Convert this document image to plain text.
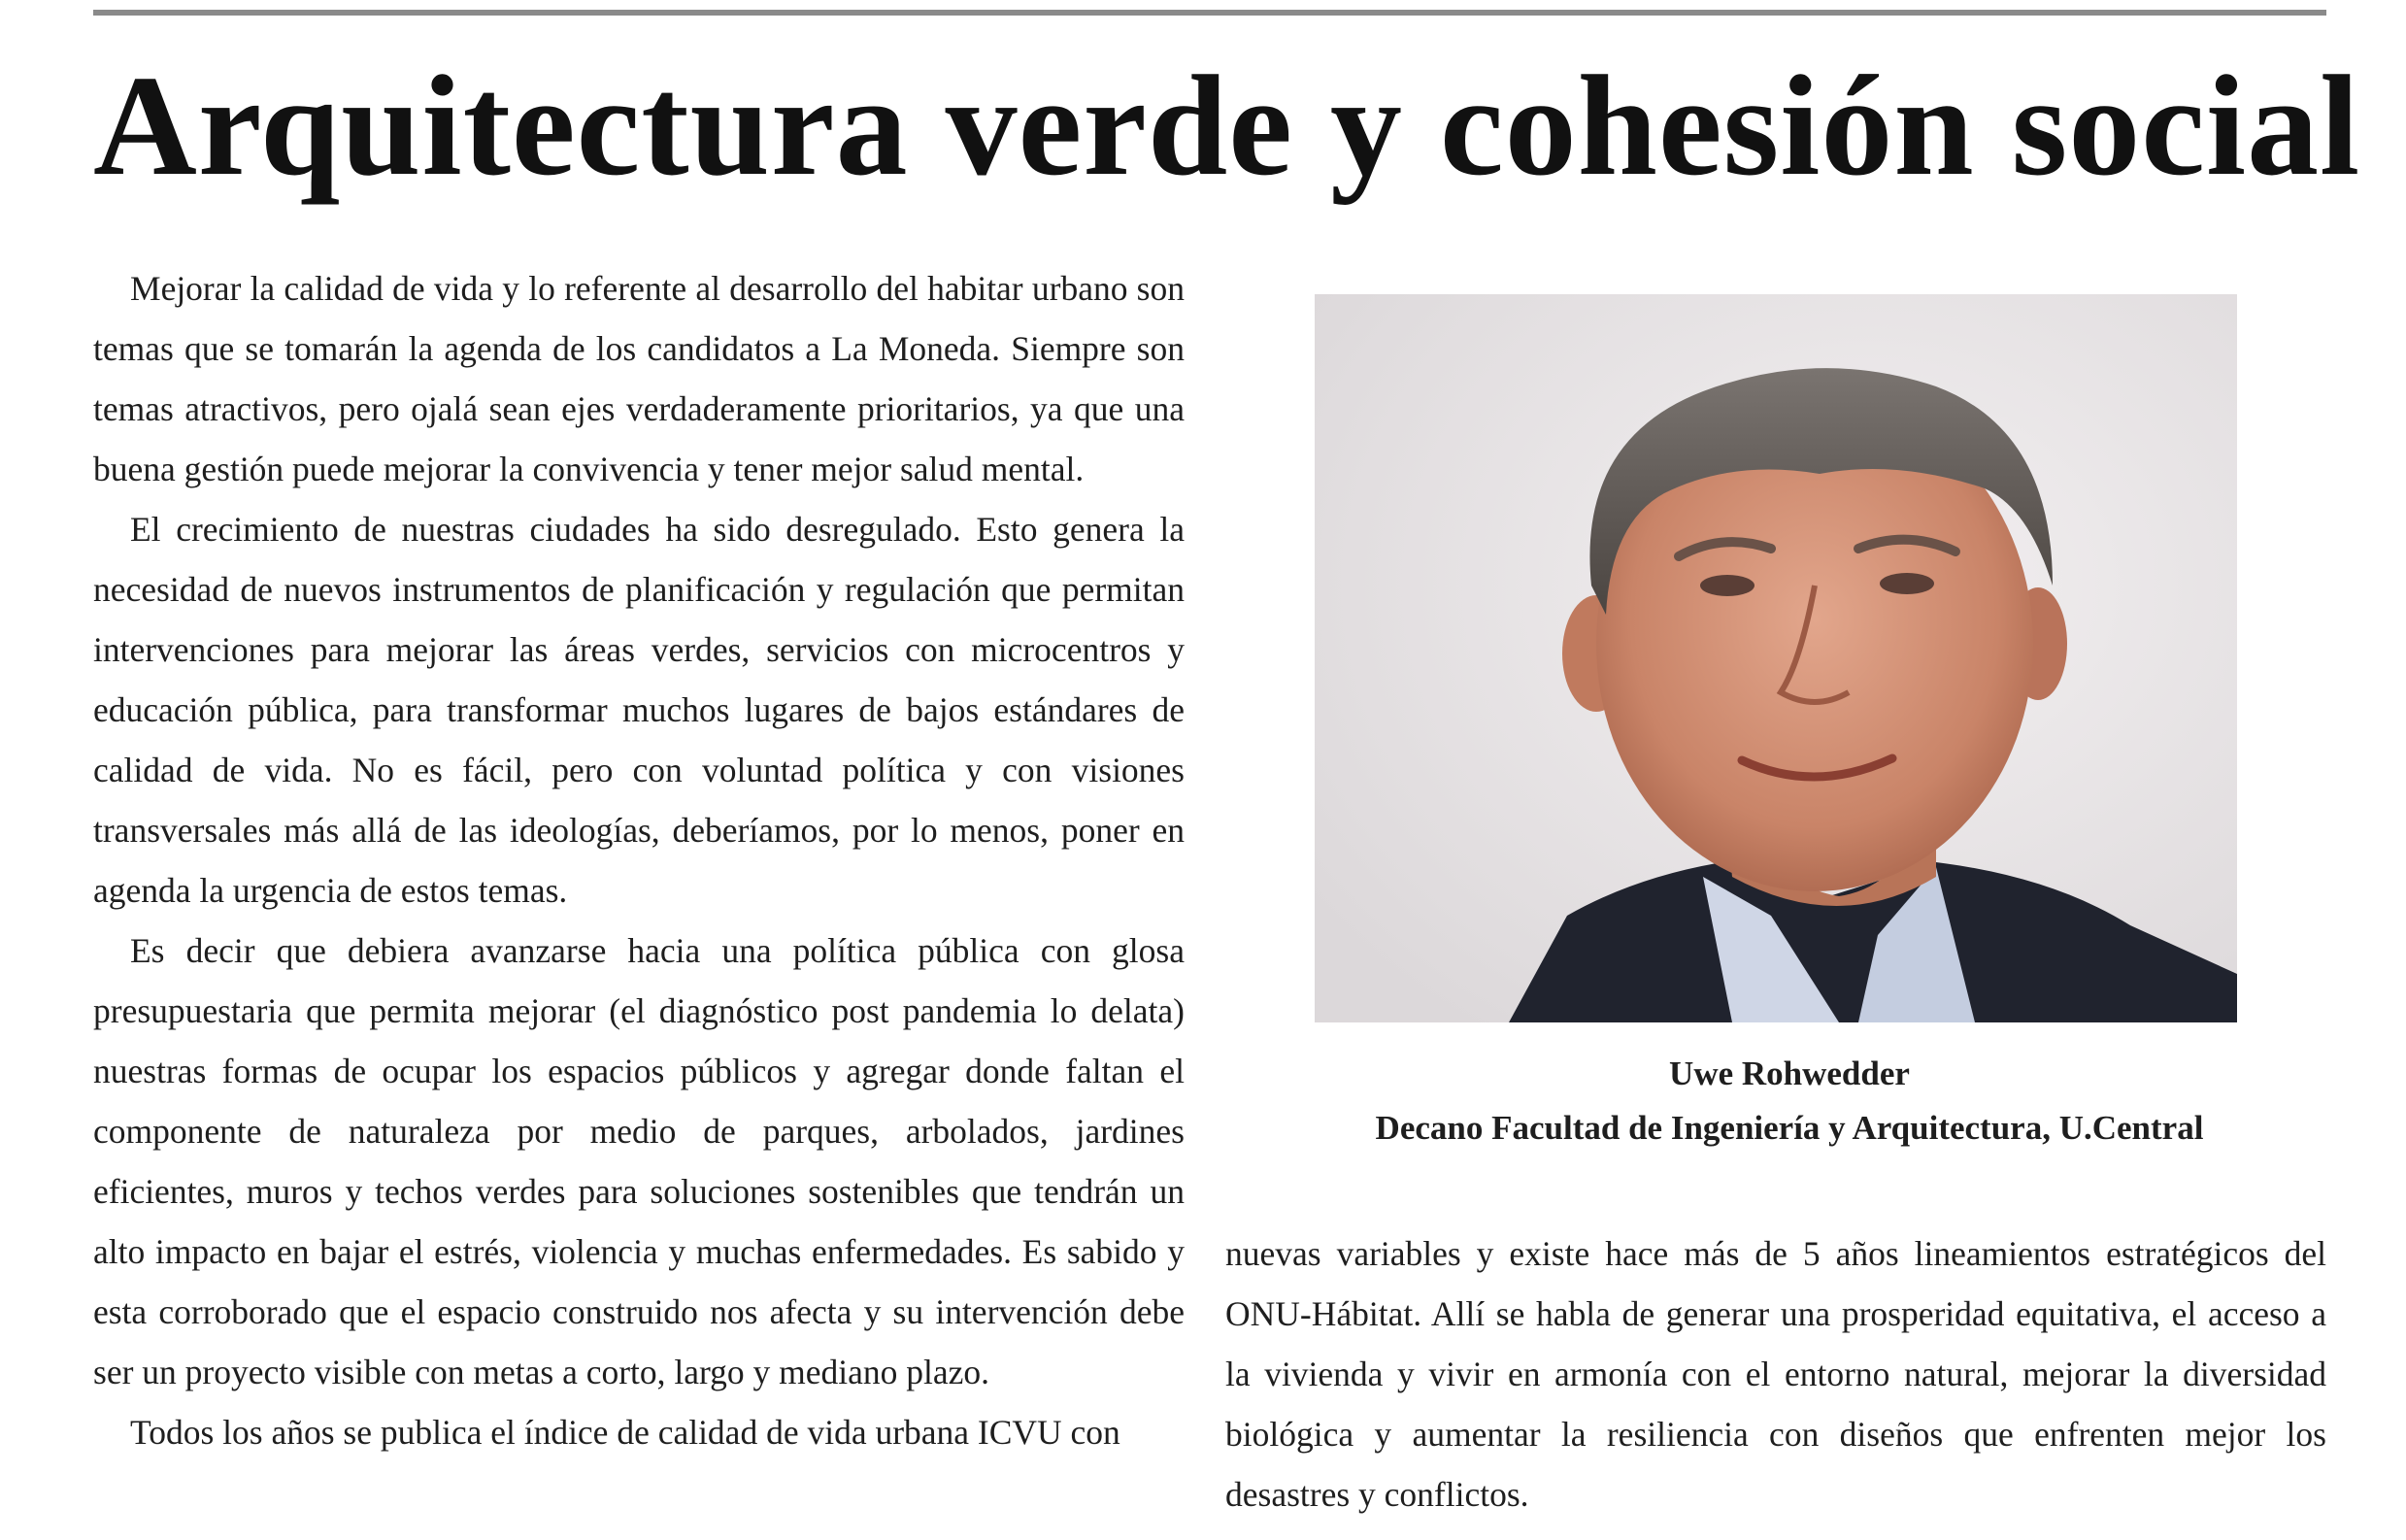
Arquitectura verde y cohesión social

Mejorar la calidad de vida y lo referente al desarrollo del habitar urbano son temas que se tomarán la agenda de los candidatos a La Moneda. Siempre son temas atractivos, pero ojalá sean ejes verdaderamente prioritarios, ya que una buena gestión puede mejorar la convivencia y tener mejor salud mental.

El crecimiento de nuestras ciudades ha sido desregulado. Esto genera la necesidad de nuevos instrumentos de planificación y regulación que permitan intervenciones para mejorar las áreas verdes, servicios con microcentros y educación pública, para transformar muchos lugares de bajos estándares de calidad de vida. No es fácil, pero con voluntad política y con visiones transversales más allá de las ideologías, deberíamos, por lo menos, poner en agenda la urgencia de estos temas.

Es decir que debiera avanzarse hacia una política pública con glosa presupuestaria que permita mejorar (el diagnóstico post pandemia lo delata) nuestras formas de ocupar los espacios públicos y agregar donde faltan el componente de naturaleza por medio de parques, arbolados, jardines eficientes, muros y techos verdes para soluciones sostenibles que tendrán un alto impacto en bajar el estrés, violencia y muchas enfermedades. Es sabido y esta corroborado que el espacio construido nos afecta y su intervención debe ser un proyecto visible con metas a corto, largo y mediano plazo.

Todos los años se publica el índice de calidad de vida urbana ICVU con

Uwe Rohwedder
Decano Facultad de Ingeniería y Arquitectura, U.Central

nuevas variables y existe hace más de 5 años lineamientos estratégicos del ONU-Hábitat. Allí se habla de generar una prosperidad equitativa, el acceso a la vivienda y vivir en armonía con el entorno natural, mejorar la diversidad biológica y aumentar la resiliencia con diseños que enfrenten mejor los desastres y conflictos.
